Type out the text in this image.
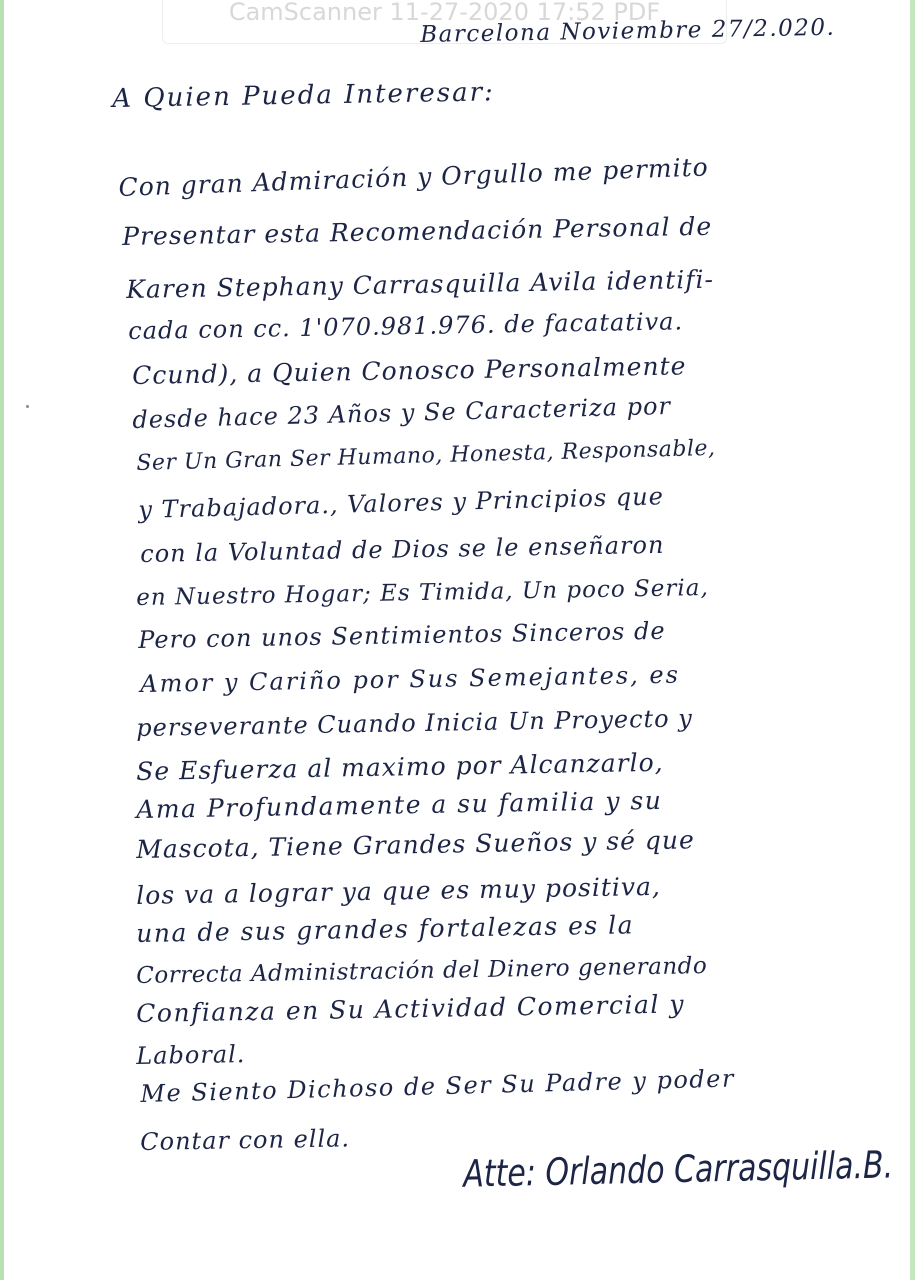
CamScanner 11-27-2020 17:52 PDF
Barcelona Noviembre 27/2.020.
A Quien Pueda Interesar:
Con gran Admiración y Orgullo me permito
Presentar esta Recomendación Personal de
Karen Stephany Carrasquilla Avila identifi-
cada con cc. 1'070.981.976. de facatativa.
Ccund), a Quien Conosco Personalmente
desde hace 23 Años y Se Caracteriza por
Ser Un Gran Ser Humano, Honesta, Responsable,
y Trabajadora., Valores y Principios que
con la Voluntad de Dios se le enseñaron
en Nuestro Hogar; Es Timida, Un poco Seria,
Pero con unos Sentimientos Sinceros de
Amor y Cariño por Sus Semejantes, es
perseverante Cuando Inicia Un Proyecto y
Se Esfuerza al maximo por Alcanzarlo,
Ama Profundamente a su familia y su
Mascota, Tiene Grandes Sueños y sé que
los va a lograr ya que es muy positiva,
una de sus grandes fortalezas es la
Correcta Administración del Dinero generando
Confianza en Su Actividad Comercial y
Laboral.
Me Siento Dichoso de Ser Su Padre y poder
Contar con ella.
Atte: Orlando Carrasquilla.B.
